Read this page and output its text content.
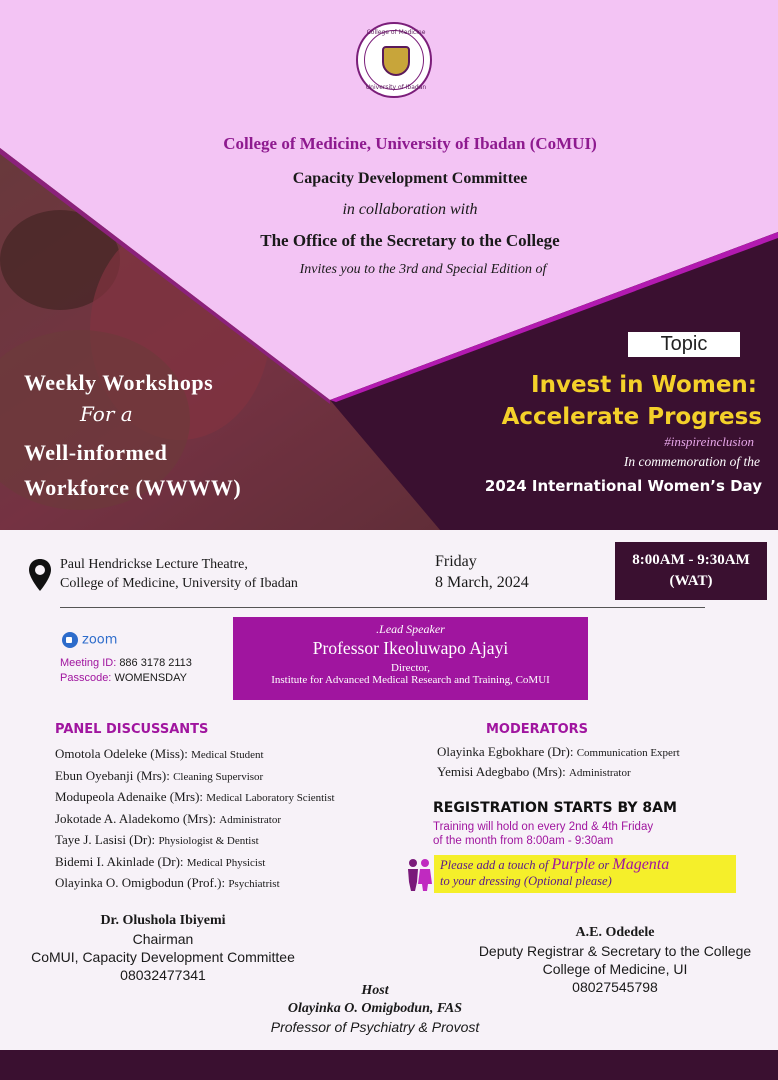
College of Medicine
University of Ibadan
College of Medicine, University of Ibadan (CoMUI)
Capacity Development Committee
in collaboration with
The Office of the Secretary to the College
Invites you to the 3rd and Special Edition of
Weekly Workshops
For a
Well-informed
Workforce (WWWW)
Topic
Invest in Women:
Accelerate Progress
#inspireinclusion
In commemoration of the
2024 International Women’s Day
Paul Hendrickse Lecture Theatre,
College of Medicine, University of Ibadan
Friday
8 March, 2024
8:00AM - 9:30AM
(WAT)
zoom
Meeting ID: 886 3178 2113
Passcode: WOMENSDAY
.Lead Speaker
Professor Ikeoluwapo Ajayi
Director,
Institute for Advanced Medical Research and Training, CoMUI
PANEL DISCUSSANTS
Omotola Odeleke (Miss): Medical Student
Ebun Oyebanji (Mrs): Cleaning Supervisor
Modupeola Adenaike (Mrs): Medical Laboratory Scientist
Jokotade A. Aladekomo (Mrs): Administrator
Taye J. Lasisi (Dr): Physiologist & Dentist
Bidemi I. Akinlade (Dr): Medical Physicist
Olayinka O. Omigbodun (Prof.): Psychiatrist
MODERATORS
Olayinka Egbokhare (Dr): Communication Expert
Yemisi Adegbabo (Mrs): Administrator
REGISTRATION STARTS BY 8AM
Training will hold on every 2nd & 4th Friday
of the month from 8:00am - 9:30am
Please add a touch of Purple or Magenta
to your dressing (Optional please)
Dr. Olushola Ibiyemi
Chairman
CoMUI, Capacity Development Committee
08032477341
A.E. Odedele
Deputy Registrar & Secretary to the College
College of Medicine, UI
08027545798
Host
Olayinka O. Omigbodun, FAS
Professor of Psychiatry & Provost
